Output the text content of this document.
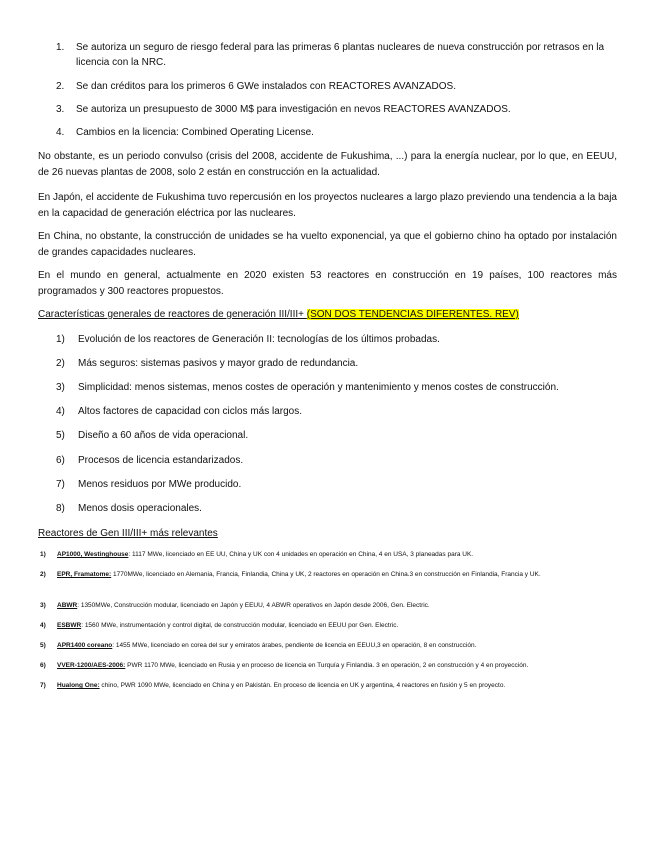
1. Se autoriza un seguro de riesgo federal para las primeras 6 plantas nucleares de nueva construcción por retrasos en la licencia con la NRC.
2. Se dan créditos para los primeros 6 GWe instalados con REACTORES AVANZADOS.
3. Se autoriza un presupuesto de 3000 M$ para investigación en nevos REACTORES AVANZADOS.
4. Cambios en la licencia: Combined Operating License.
No obstante, es un periodo convulso (crisis del 2008, accidente de Fukushima, ...) para la energía nuclear, por lo que, en EEUU, de 26 nuevas plantas de 2008, solo 2 están en construcción en la actualidad.
En Japón, el accidente de Fukushima tuvo repercusión en los proyectos nucleares a largo plazo previendo una tendencia a la baja en la capacidad de generación eléctrica por las nucleares.
En China, no obstante, la construcción de unidades se ha vuelto exponencial, ya que el gobierno chino ha optado por instalación de grandes capacidades nucleares.
En el mundo en general, actualmente en 2020 existen 53 reactores en construcción en 19 países, 100 reactores más programados y 300 reactores propuestos.
Características generales de reactores de generación III/III+ (SON DOS TENDENCIAS DIFERENTES. REV)
1) Evolución de los reactores de Generación II: tecnologías de los últimos probadas.
2) Más seguros: sistemas pasivos y mayor grado de redundancia.
3) Simplicidad: menos sistemas, menos costes de operación y mantenimiento y menos costes de construcción.
4) Altos factores de capacidad con ciclos más largos.
5) Diseño a 60 años de vida operacional.
6) Procesos de licencia estandarizados.
7) Menos residuos por MWe producido.
8) Menos dosis operacionales.
Reactores de Gen III/III+ más relevantes
1) AP1000, Westinghouse: 1117 MWe, licenciado en EE UU, China y UK con 4 unidades en operación en China, 4 en USA, 3 planeadas para UK.
2) EPR, Framatome: 1770MWe, licenciado en Alemania, Francia, Finlandia, China y UK, 2 reactores en operación en China.3 en construcción en Finlandia, Francia y UK.
3) ABWR: 1350MWe, Construcción modular, licenciado en Japón y EEUU, 4 ABWR operativos en Japón desde 2006, Gen. Electric.
4) ESBWR: 1560 MWe, instrumentación y control digital, de construcción modular, licenciado en EEUU por Gen. Electric.
5) APR1400 coreano: 1455 MWe, licenciado en corea del sur y emiratos árabes, pendiente de licencia en EEUU,3 en operación, 8 en construcción.
6) VVER-1200/AES-2006: PWR 1170 MWe, licenciado en Rusia y en proceso de licencia en Turquía y Finlandia. 3 en operación, 2 en construcción y 4 en proyección.
7) Hualong One: chino, PWR 1090 MWe, licenciado en China y en Pakistán. En proceso de licencia en UK y argentina, 4 reactores en fusión y 5 en proyecto.
